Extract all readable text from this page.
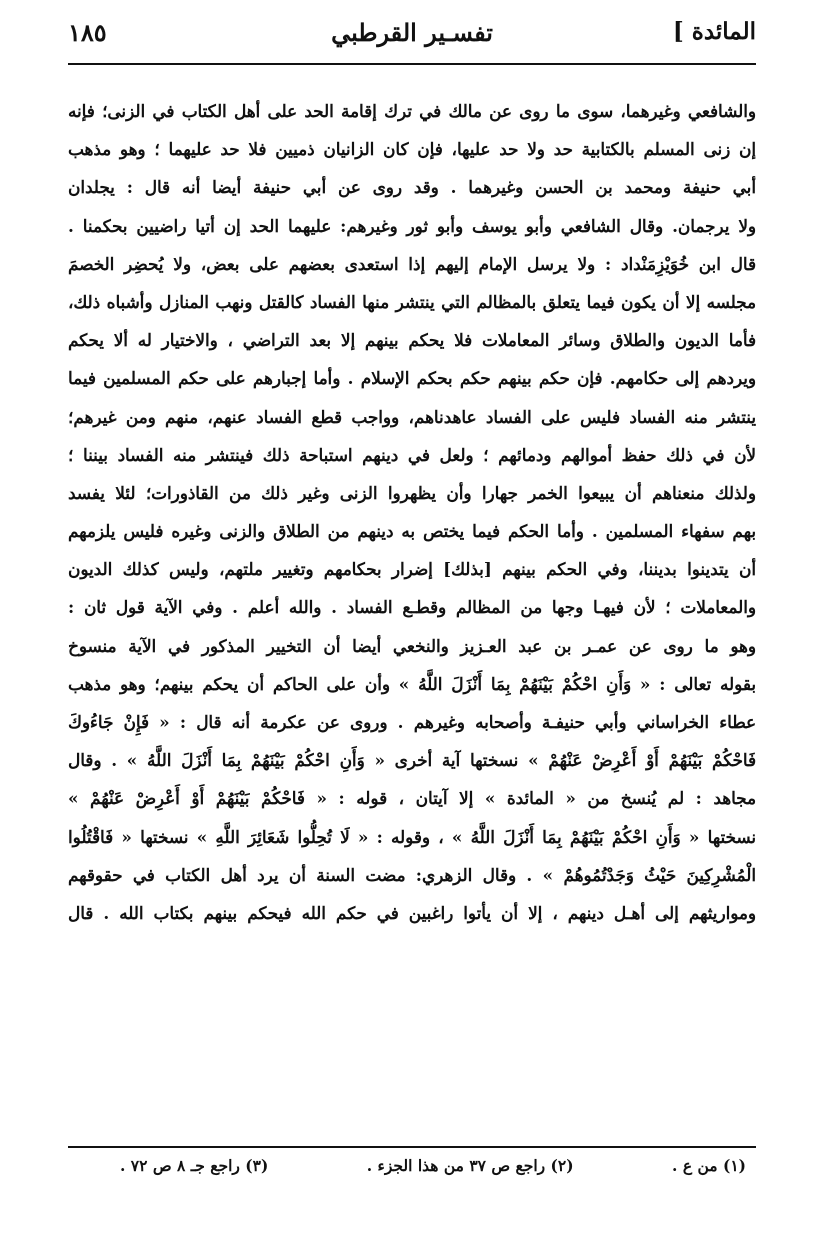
المائدة ]
تفسـير القرطبي
١٨٥
والشافعي وغيرهما، سوى ما روى عن مالك في ترك إقامة الحد على أهل الكتاب في الزنى؛ فإنه
إن زنى المسلم بالكتابية حد ولا حد عليها، فإن كان الزانيان ذميين فلا حد عليهما ؛ وهو مذهب
أبي حنيفة ومحمد بن الحسن وغيرهما . وقد روى عن أبي حنيفة أيضا أنه قال : يجلدان
ولا يرجمان. وقال الشافعي وأبو يوسف وأبو ثور وغيرهم: عليهما الحد إن أتيا راضيين بحكمنا .
قال ابن خُوَيْزِمَنْداد : ولا يرسل الإمام إليهم إذا استعدى بعضهم على بعض، ولا يُحضِر الخصمَ
مجلسه إلا أن يكون فيما يتعلق بالمظالم التي ينتشر منها الفساد كالقتل ونهب المنازل وأشباه ذلك،
فأما الديون والطلاق وسائر المعاملات فلا يحكم بينهم إلا بعد التراضي ، والاختيار له ألا يحكم
ويردهم إلى حكامهم. فإن حكم بينهم حكم بحكم الإسلام . وأما إجبارهم على حكم المسلمين فيما
ينتشر منه الفساد فليس على الفساد عاهدناهم، وواجب قطع الفساد عنهم، منهم ومن غيرهم؛
لأن في ذلك حفظ أموالهم ودمائهم ؛ ولعل في دينهم استباحة ذلك فينتشر منه الفساد بيننا ؛
ولذلك منعناهم أن يبيعوا الخمر جهارا وأن يظهروا الزنى وغير ذلك من القاذورات؛ لئلا يفسد
بهم سفهاء المسلمين . وأما الحكم فيما يختص به دينهم من الطلاق والزنى وغيره فليس يلزمهم
أن يتدينوا بديننا، وفي الحكم بينهم [بذلك] إضرار بحكامهم وتغيير ملتهم، وليس كذلك الديون
والمعاملات ؛ لأن فيهـا وجها من المظالم وقطـع الفساد . والله أعلم . وفي الآية قول ثان :
وهو ما روى عن عمـر بن عبد العـزيز والنخعي أيضا أن التخيير المذكور في الآية منسوخ
بقوله تعالى : « وَأَنِ احْكُمْ بَيْنَهُمْ بِمَا أَنْزَلَ اللَّهُ » وأن على الحاكم أن يحكم بينهم؛ وهو مذهب
عطاء الخراساني وأبي حنيفـة وأصحابه وغيرهم . وروى عن عكرمة أنه قال : « فَإِنْ جَاءُوكَ
فَاحْكُمْ بَيْنَهُمْ أَوْ أَعْرِضْ عَنْهُمْ » نسختها آية أخرى « وَأَنِ احْكُمْ بَيْنَهُمْ بِمَا أَنْزَلَ اللَّهُ » . وقال
مجاهد : لم يُنسخ من « المائدة » إلا آيتان ، قوله : « فَاحْكُمْ بَيْنَهُمْ أَوْ أَعْرِضْ عَنْهُمْ »
نسختها « وَأَنِ احْكُمْ بَيْنَهُمْ بِمَا أَنْزَلَ اللَّهُ » ، وقوله : « لَا تُحِلُّوا شَعَائِرَ اللَّهِ » نسختها « فَاقْتُلُوا
الْمُشْرِكِينَ حَيْثُ وَجَدْتُمُوهُمْ » . وقال الزهري: مضت السنة أن يرد أهل الكتاب في حقوقهم
ومواريثهم إلى أهـل دينهم ، إلا أن يأتوا راغبين في حكم الله فيحكم بينهم بكتاب الله . قال
(١) من ع .
(٢) راجع ص ٣٧ من هذا الجزء .
(٣) راجع جـ ٨ ص ٧٢ .
